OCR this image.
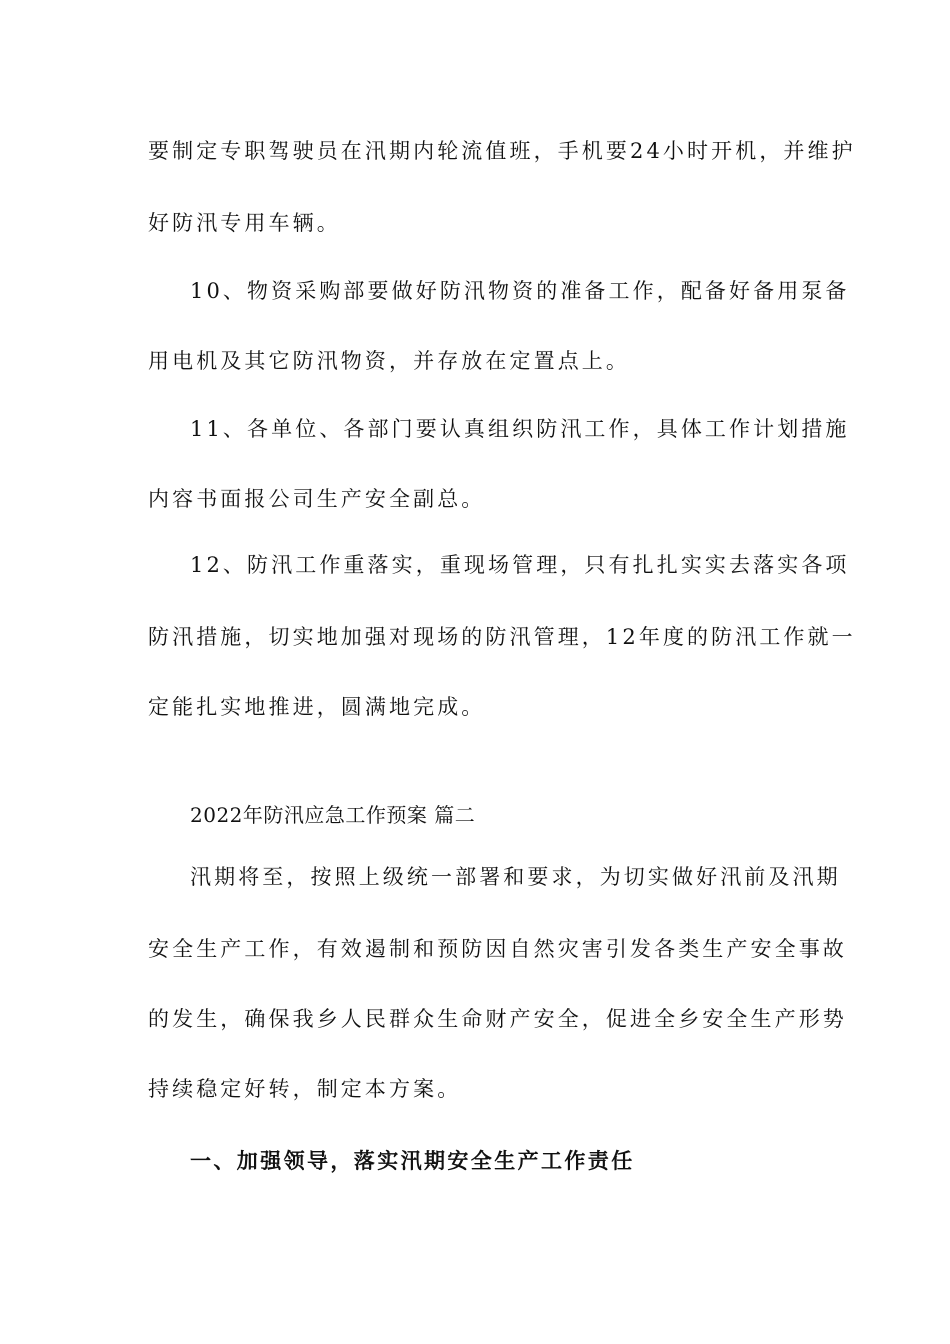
要制定专职驾驶员在汛期内轮流值班，手机要24小时开机，并维护
好防汛专用车辆。
10、物资采购部要做好防汛物资的准备工作，配备好备用泵备
用电机及其它防汛物资，并存放在定置点上。
11、各单位、各部门要认真组织防汛工作，具体工作计划措施
内容书面报公司生产安全副总。
12、防汛工作重落实，重现场管理，只有扎扎实实去落实各项
防汛措施，切实地加强对现场的防汛管理，12年度的防汛工作就一
定能扎实地推进，圆满地完成。
2022年防汛应急工作预案 篇二
汛期将至，按照上级统一部署和要求，为切实做好汛前及汛期
安全生产工作，有效遏制和预防因自然灾害引发各类生产安全事故
的发生，确保我乡人民群众生命财产安全，促进全乡安全生产形势
持续稳定好转，制定本方案。
一、加强领导，落实汛期安全生产工作责任
